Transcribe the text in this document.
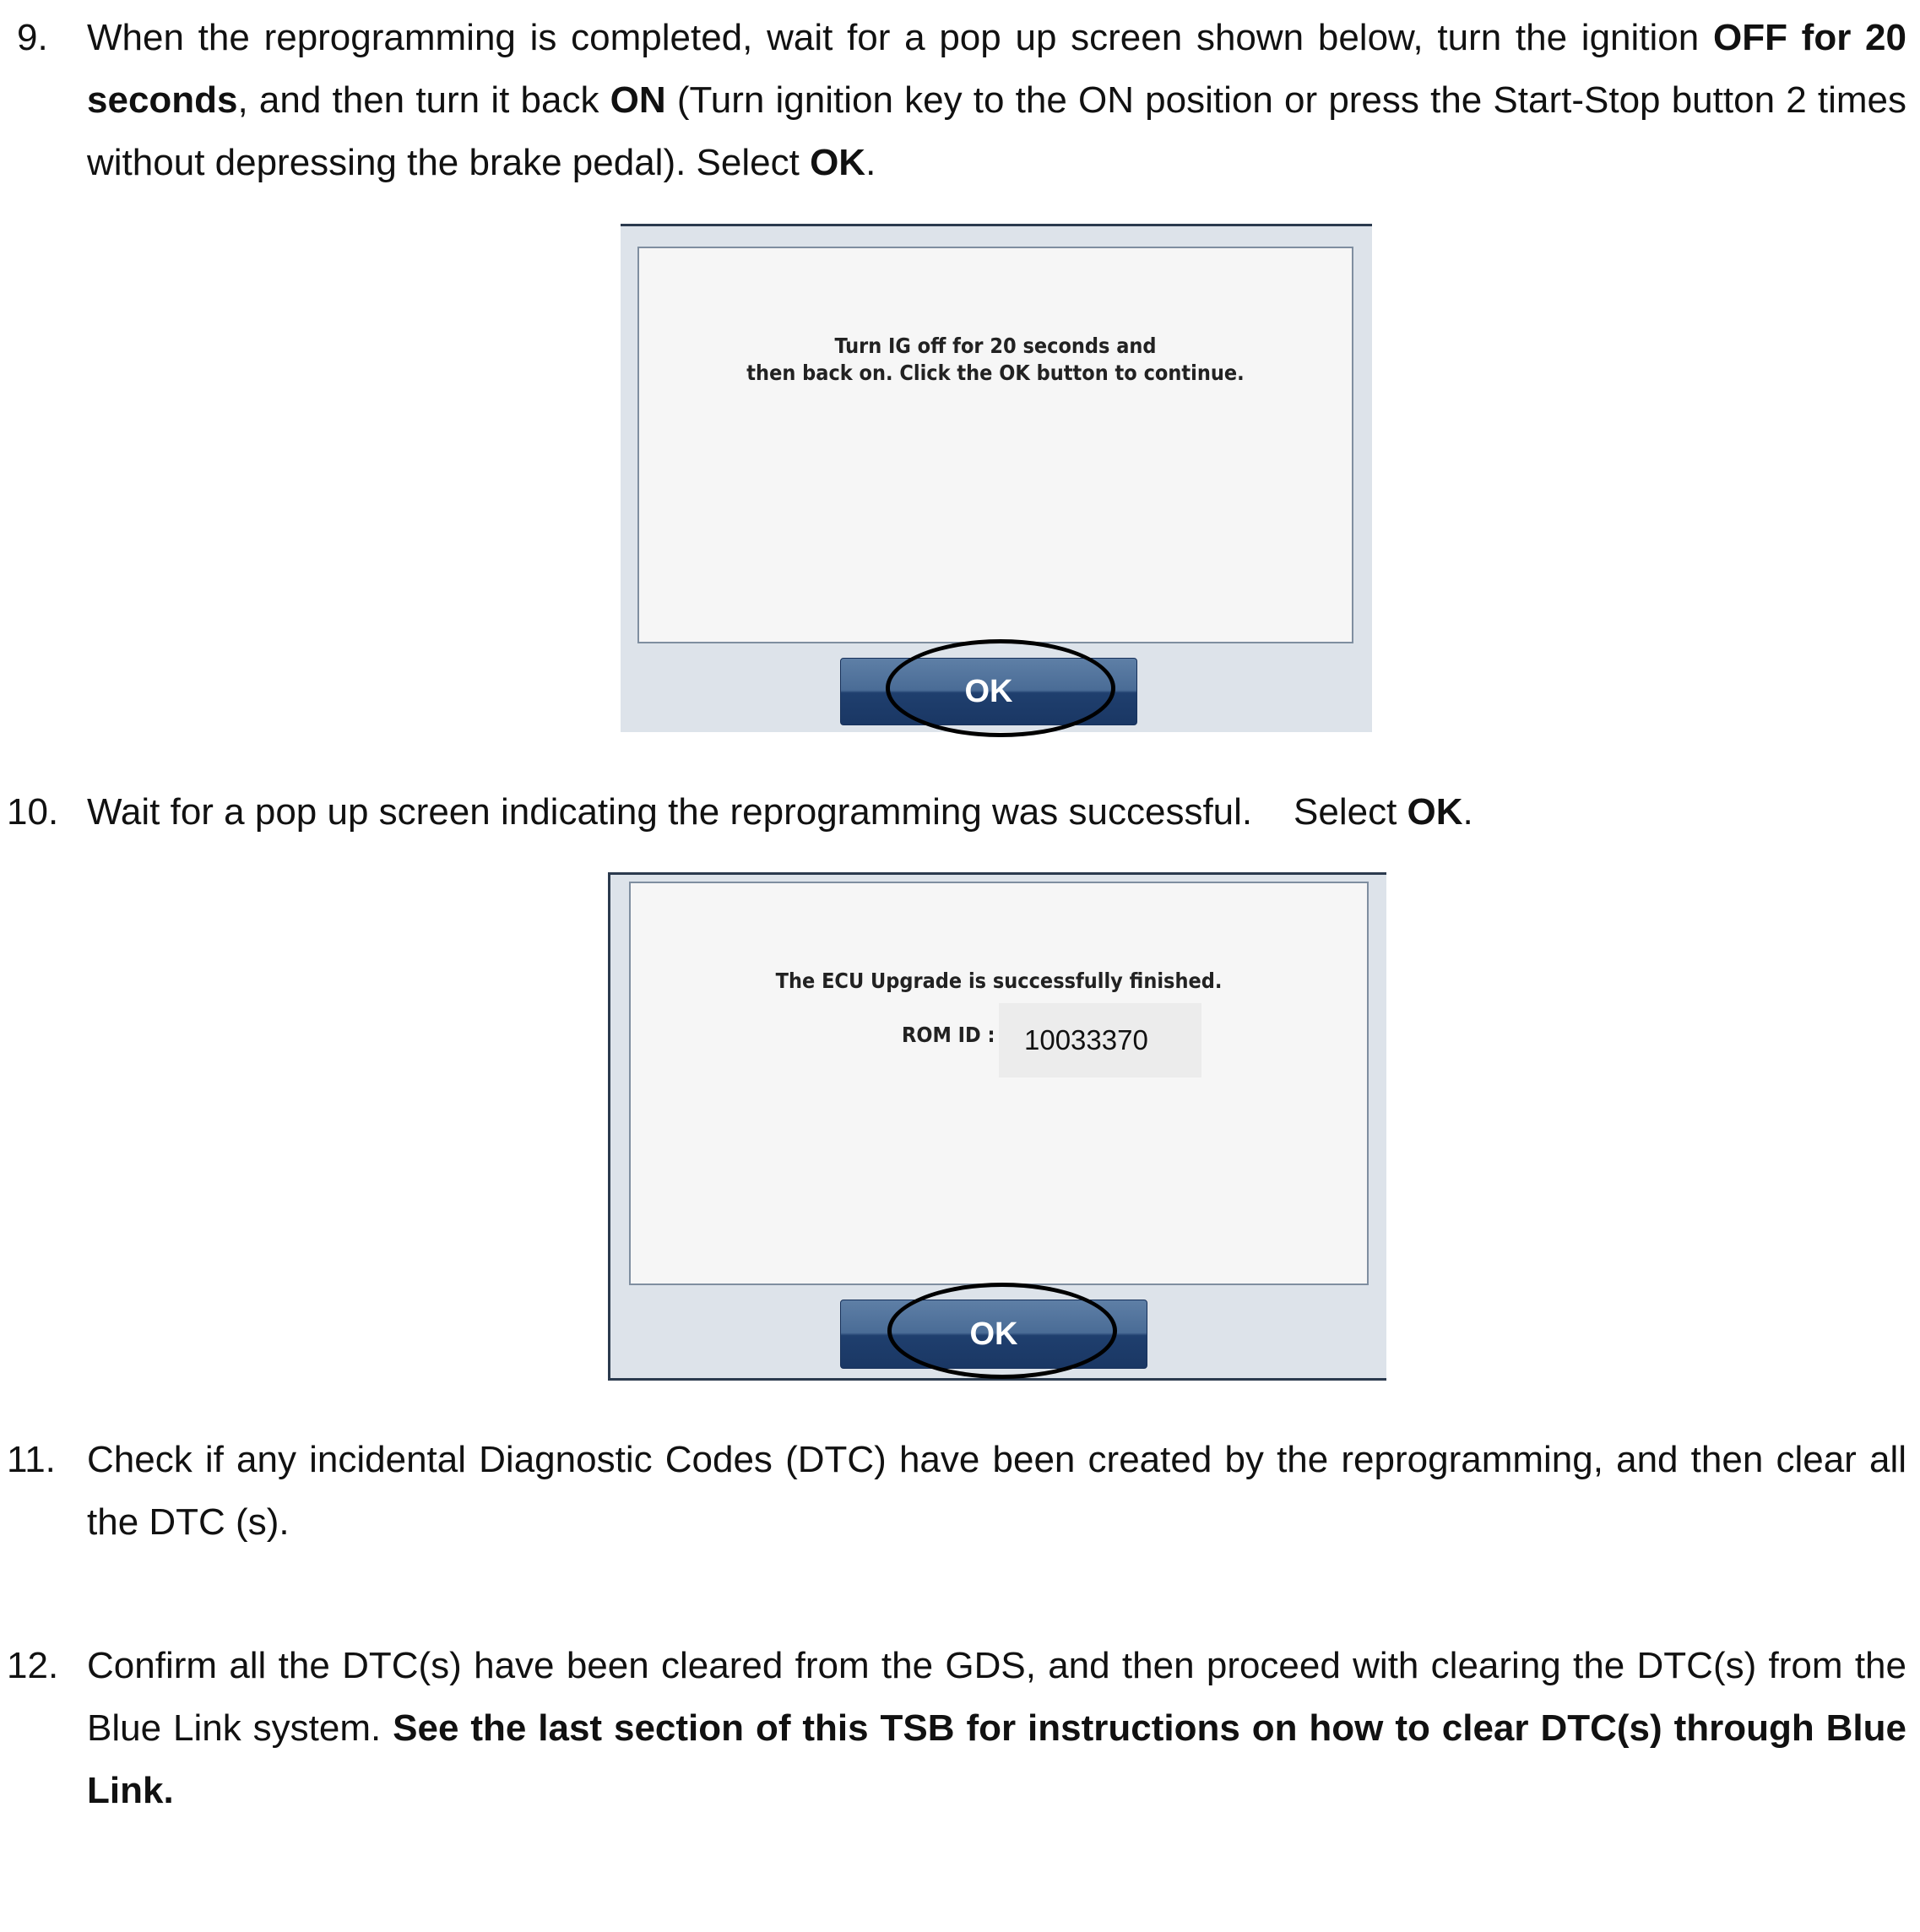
9. When the reprogramming is completed, wait for a pop up screen shown below, turn the ignition OFF for 20 seconds, and then turn it back ON (Turn ignition key to the ON position or press the Start-Stop button 2 times without depressing the brake pedal). Select OK.
Turn IG off for 20 seconds and
then back on. Click the OK button to continue.
OK
10. Wait for a pop up screen indicating the reprogramming was successful.    Select OK.
The ECU Upgrade is successfully finished.
ROM ID :	10033370
OK
11. Check if any incidental Diagnostic Codes (DTC) have been created by the reprogramming, and then clear all the DTC (s).
12. Confirm all the DTC(s) have been cleared from the GDS, and then proceed with clearing the DTC(s) from the Blue Link system. See the last section of this TSB for instructions on how to clear DTC(s) through Blue Link.
